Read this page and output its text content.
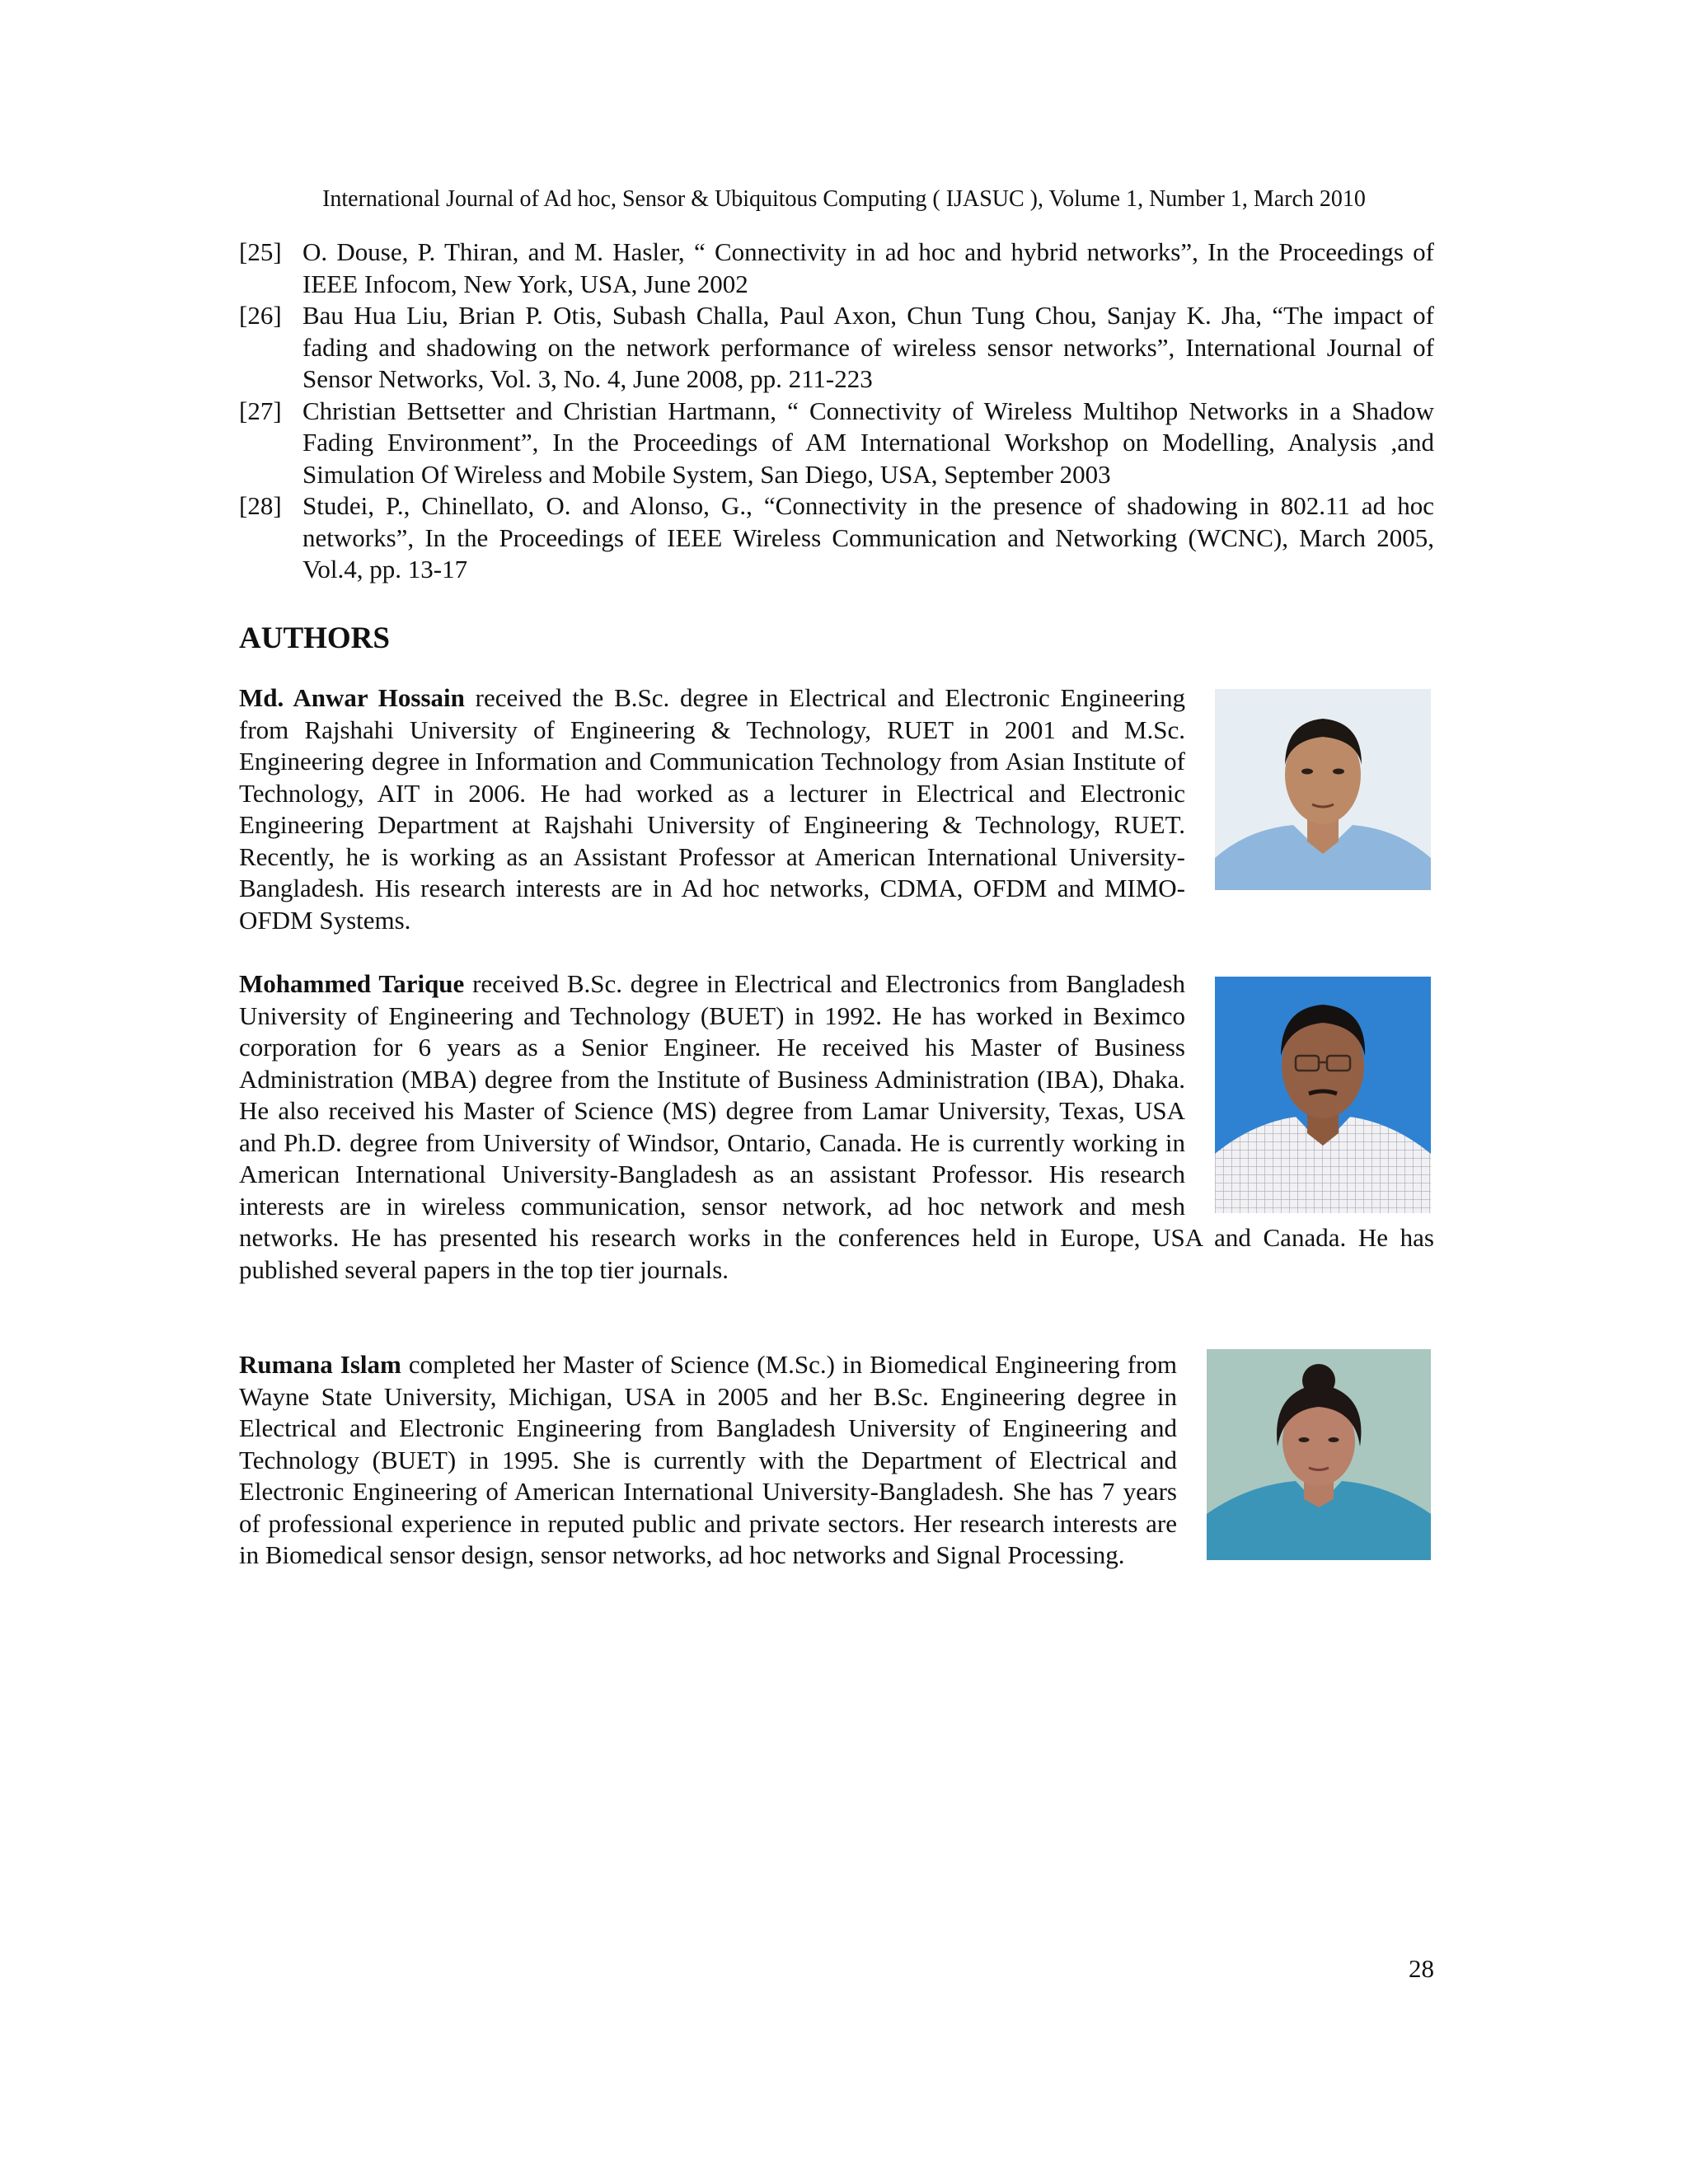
International Journal of Ad hoc, Sensor & Ubiquitous Computing ( IJASUC ), Volume 1, Number 1, March 2010
[25] O. Douse, P. Thiran, and M. Hasler, “ Connectivity in ad hoc and hybrid networks”, In the Proceedings of IEEE Infocom, New York, USA, June 2002
[26] Bau Hua Liu, Brian P. Otis, Subash Challa, Paul Axon, Chun Tung Chou, Sanjay K. Jha, “The impact of fading and shadowing on the network performance of wireless sensor networks”, International Journal of Sensor Networks, Vol. 3, No. 4, June 2008, pp. 211-223
[27] Christian Bettsetter and Christian Hartmann, “ Connectivity of Wireless Multihop Networks in a Shadow Fading Environment”, In the Proceedings of AM International Workshop on Modelling, Analysis ,and Simulation Of Wireless and Mobile System, San Diego, USA, September 2003
[28] Studei, P., Chinellato, O. and Alonso, G., “Connectivity in the presence of shadowing in 802.11 ad hoc networks”, In the Proceedings of IEEE Wireless Communication and Networking (WCNC), March 2005, Vol.4, pp. 13-17
AUTHORS
Md. Anwar Hossain received the B.Sc. degree in Electrical and Electronic Engineering from Rajshahi University of Engineering & Technology, RUET in 2001 and M.Sc. Engineering degree in Information and Communication Technology from Asian Institute of Technology, AIT in 2006. He had worked as a lecturer in Electrical and Electronic Engineering Department at Rajshahi University of Engineering & Technology, RUET. Recently, he is working as an Assistant Professor at American International University-Bangladesh. His research interests are in Ad hoc networks, CDMA, OFDM and MIMO-OFDM Systems.
Mohammed Tarique received B.Sc. degree in Electrical and Electronics from Bangladesh University of Engineering and Technology (BUET) in 1992. He has worked in Beximco corporation for 6 years as a Senior Engineer. He received his Master of Business Administration (MBA) degree from the Institute of Business Administration (IBA), Dhaka. He also received his Master of Science (MS) degree from Lamar University, Texas, USA and Ph.D. degree from University of Windsor, Ontario, Canada. He is currently working in American International University-Bangladesh as an assistant Professor. His research interests are in wireless communication, sensor network, ad hoc network and mesh networks. He has presented his research works in the conferences held in Europe, USA and Canada. He has published several papers in the top tier journals.
Rumana Islam completed her Master of Science (M.Sc.) in Biomedical Engineering from Wayne State University, Michigan, USA in 2005 and her B.Sc. Engineering degree in Electrical and Electronic Engineering from Bangladesh University of Engineering and Technology (BUET) in 1995. She is currently with the Department of Electrical and Electronic Engineering of American International University-Bangladesh. She has 7 years of professional experience in reputed public and private sectors. Her research interests are in Biomedical sensor design, sensor networks, ad hoc networks and Signal Processing.
28
